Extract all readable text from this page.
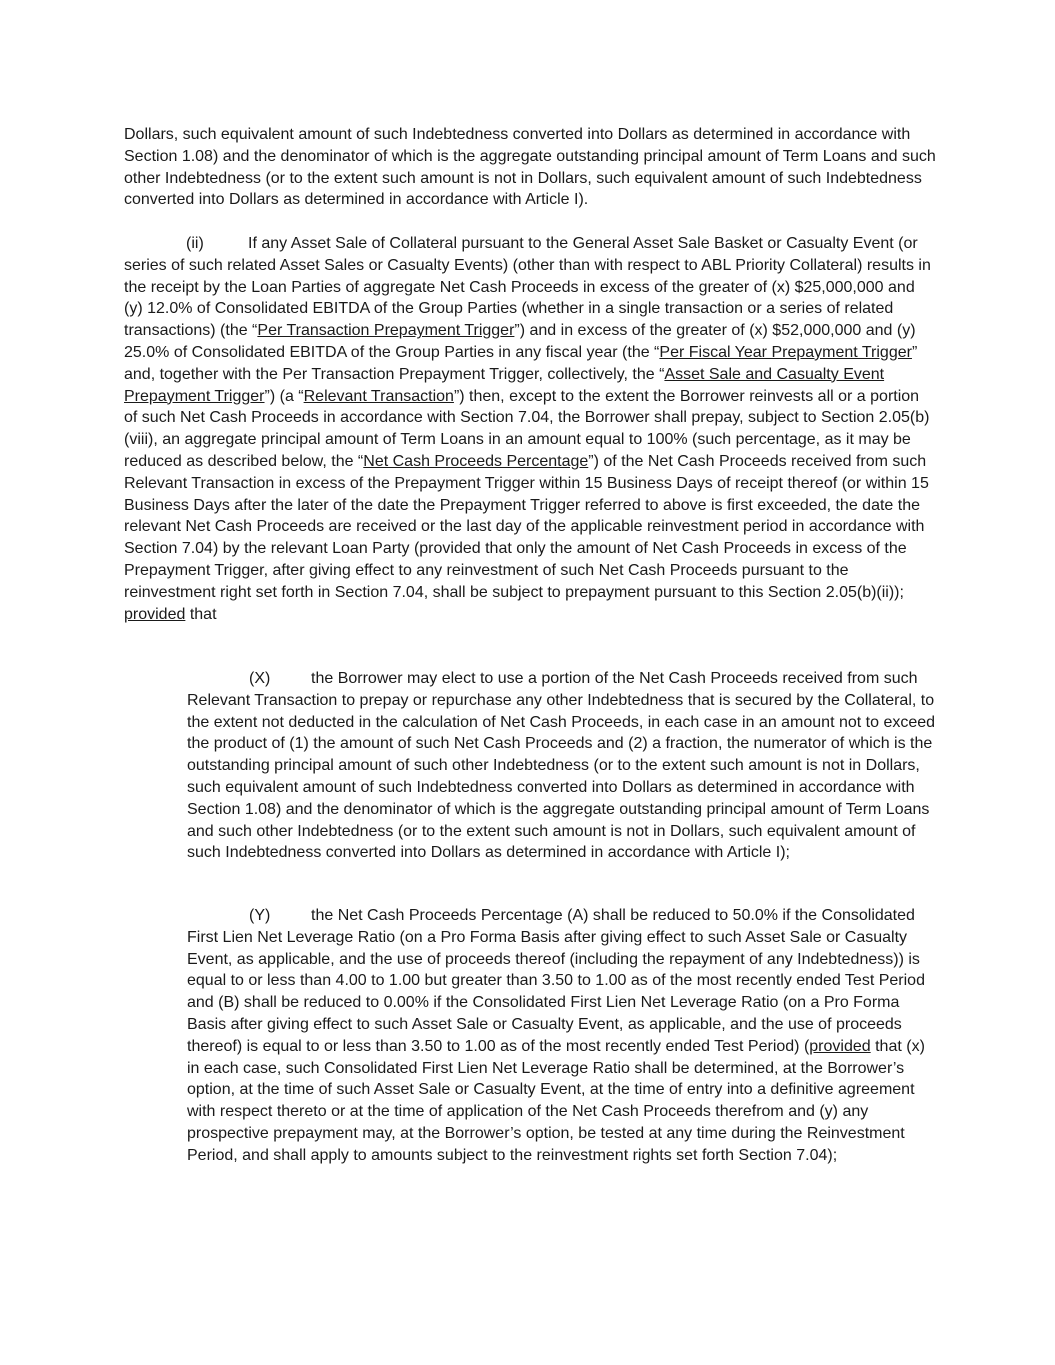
Dollars, such equivalent amount of such Indebtedness converted into Dollars as determined in accordance with Section 1.08) and the denominator of which is the aggregate outstanding principal amount of Term Loans and such other Indebtedness (or to the extent such amount is not in Dollars, such equivalent amount of such Indebtedness converted into Dollars as determined in accordance with Article I).

(ii)	If any Asset Sale of Collateral pursuant to the General Asset Sale Basket or Casualty Event (or series of such related Asset Sales or Casualty Events) (other than with respect to ABL Priority Collateral) results in the receipt by the Loan Parties of aggregate Net Cash Proceeds in excess of the greater of (x) $25,000,000 and (y) 12.0% of Consolidated EBITDA of the Group Parties (whether in a single transaction or a series of related transactions) (the “Per Transaction Prepayment Trigger”) and in excess of the greater of (x) $52,000,000 and (y) 25.0% of Consolidated EBITDA of the Group Parties in any fiscal year (the “Per Fiscal Year Prepayment Trigger” and, together with the Per Transaction Prepayment Trigger, collectively, the “Asset Sale and Casualty Event Prepayment Trigger”) (a “Relevant Transaction”) then, except to the extent the Borrower reinvests all or a portion of such Net Cash Proceeds in accordance with Section 7.04, the Borrower shall prepay, subject to Section 2.05(b)(viii), an aggregate principal amount of Term Loans in an amount equal to 100% (such percentage, as it may be reduced as described below, the “Net Cash Proceeds Percentage”) of the Net Cash Proceeds received from such Relevant Transaction in excess of the Prepayment Trigger within 15 Business Days of receipt thereof (or within 15 Business Days after the later of the date the Prepayment Trigger referred to above is first exceeded, the date the relevant Net Cash Proceeds are received or the last day of the applicable reinvestment period in accordance with Section 7.04) by the relevant Loan Party (provided that only the amount of Net Cash Proceeds in excess of the Prepayment Trigger, after giving effect to any reinvestment of such Net Cash Proceeds pursuant to the reinvestment right set forth in Section 7.04, shall be subject to prepayment pursuant to this Section 2.05(b)(ii)); provided that

(X)	the Borrower may elect to use a portion of the Net Cash Proceeds received from such Relevant Transaction to prepay or repurchase any other Indebtedness that is secured by the Collateral, to the extent not deducted in the calculation of Net Cash Proceeds, in each case in an amount not to exceed the product of (1) the amount of such Net Cash Proceeds and (2) a fraction, the numerator of which is the outstanding principal amount of such other Indebtedness (or to the extent such amount is not in Dollars, such equivalent amount of such Indebtedness converted into Dollars as determined in accordance with Section 1.08) and the denominator of which is the aggregate outstanding principal amount of Term Loans and such other Indebtedness (or to the extent such amount is not in Dollars, such equivalent amount of such Indebtedness converted into Dollars as determined in accordance with Article I);

(Y)	the Net Cash Proceeds Percentage (A) shall be reduced to 50.0% if the Consolidated First Lien Net Leverage Ratio (on a Pro Forma Basis after giving effect to such Asset Sale or Casualty Event, as applicable, and the use of proceeds thereof (including the repayment of any Indebtedness)) is equal to or less than 4.00 to 1.00 but greater than 3.50 to 1.00 as of the most recently ended Test Period and (B) shall be reduced to 0.00% if the Consolidated First Lien Net Leverage Ratio (on a Pro Forma Basis after giving effect to such Asset Sale or Casualty Event, as applicable, and the use of proceeds thereof) is equal to or less than 3.50 to 1.00 as of the most recently ended Test Period) (provided that (x) in each case, such Consolidated First Lien Net Leverage Ratio shall be determined, at the Borrower’s option, at the time of such Asset Sale or Casualty Event, at the time of entry into a definitive agreement with respect thereto or at the time of application of the Net Cash Proceeds therefrom and (y) any prospective prepayment may, at the Borrower’s option, be tested at any time during the Reinvestment Period, and shall apply to amounts subject to the reinvestment rights set forth Section 7.04);
